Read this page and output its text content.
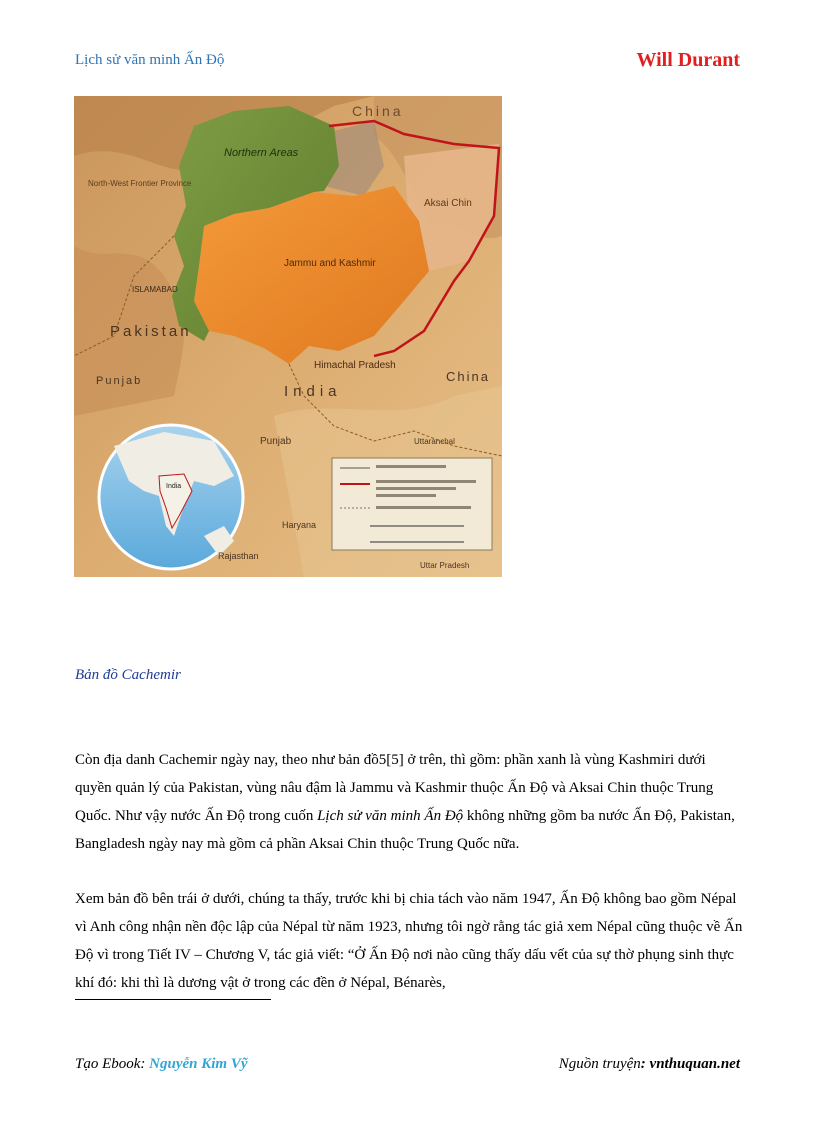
Lịch sử văn minh Ấn Độ	Will Durant
China
Northern Areas
North-West Frontier Province
Aksai Chin
Jammu and Kashmir
ISLAMABAD
Pakistan
Himachal Pradesh
China
Punjab
India
Punjab	Uttaranchal
Haryana
Rajasthan
Uttar Pradesh
India
Bản đồ Cachemir

Còn địa danh Cachemir ngày nay, theo như bản đồ5[5] ở trên, thì gồm: phần xanh là vùng Kashmiri dưới quyền quản lý của Pakistan, vùng nâu đậm là Jammu và Kashmir thuộc Ấn Độ và Aksai Chin thuộc Trung Quốc. Như vậy nước Ấn Độ trong cuốn Lịch sử văn minh Ấn Độ không những gồm ba nước Ấn Độ, Pakistan, Bangladesh ngày nay mà gồm cả phần Aksai Chin thuộc Trung Quốc nữa.

Xem bản đồ bên trái ở dưới, chúng ta thấy, trước khi bị chia tách vào năm 1947, Ấn Độ không bao gồm Népal vì Anh công nhận nền độc lập của Népal từ năm 1923, nhưng tôi ngờ rằng tác giả xem Népal cũng thuộc về Ấn Độ vì trong Tiết IV – Chương V, tác giả viết: “Ở Ấn Độ nơi nào cũng thấy dấu vết của sự thờ phụng sinh thực khí đó: khi thì là dương vật ở trong các đền ở Népal, Bénarès,

Tạo Ebook: Nguyễn Kim Vỹ	Nguồn truyện: vnthuquan.net
